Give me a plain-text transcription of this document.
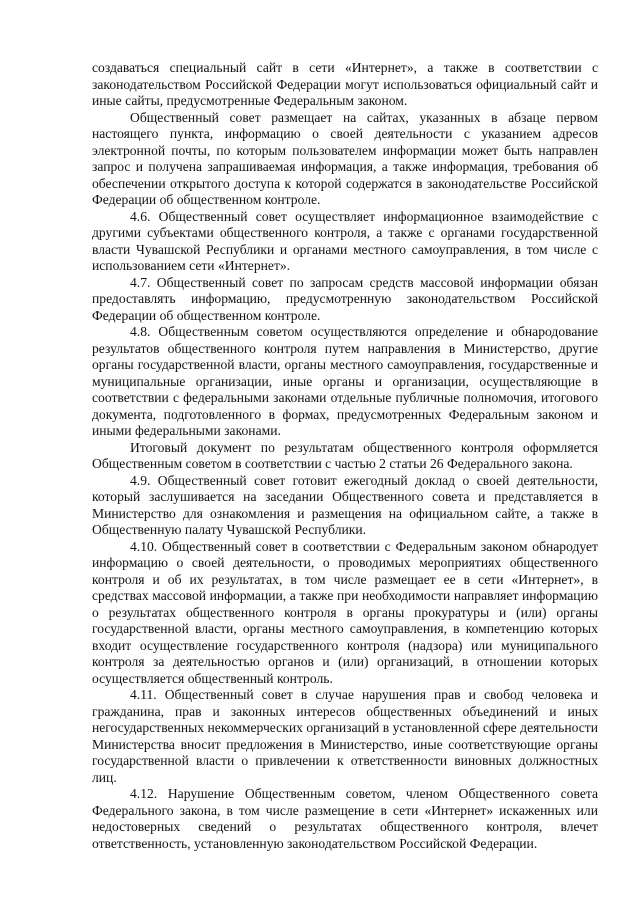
создаваться специальный сайт в сети «Интернет», а также в соответствии с законодательством Российской Федерации могут использоваться официальный сайт и иные сайты, предусмотренные Федеральным законом.

Общественный совет размещает на сайтах, указанных в абзаце первом настоящего пункта, информацию о своей деятельности с указанием адресов электронной почты, по которым пользователем информации может быть направлен запрос и получена запрашиваемая информация, а также информация, требования об обеспечении открытого доступа к которой содержатся в законодательстве Российской Федерации об общественном контроле.

4.6. Общественный совет осуществляет информационное взаимодействие с другими субъектами общественного контроля, а также с органами государственной власти Чувашской Республики и органами местного самоуправления, в том числе с использованием сети «Интернет».

4.7. Общественный совет по запросам средств массовой информации обязан предоставлять информацию, предусмотренную законодательством Российской Федерации об общественном контроле.

4.8. Общественным советом осуществляются определение и обнародование результатов общественного контроля путем направления в Министерство, другие органы государственной власти, органы местного самоуправления, государственные и муниципальные организации, иные органы и организации, осуществляющие в соответствии с федеральными законами отдельные публичные полномочия, итогового документа, подготовленного в формах, предусмотренных Федеральным законом и иными федеральными законами.

Итоговый документ по результатам общественного контроля оформляется Общественным советом в соответствии с частью 2 статьи 26 Федерального закона.

4.9. Общественный совет готовит ежегодный доклад о своей деятельности, который заслушивается на заседании Общественного совета и представляется в Министерство для ознакомления и размещения на официальном сайте, а также в Общественную палату Чувашской Республики.

4.10. Общественный совет в соответствии с Федеральным законом обнародует информацию о своей деятельности, о проводимых мероприятиях общественного контроля и об их результатах, в том числе размещает ее в сети «Интернет», в средствах массовой информации, а также при необходимости направляет информацию о результатах общественного контроля в органы прокуратуры и (или) органы государственной власти, органы местного самоуправления, в компетенцию которых входит осуществление государственного контроля (надзора) или муниципального контроля за деятельностью органов и (или) организаций, в отношении которых осуществляется общественный контроль.

4.11. Общественный совет в случае нарушения прав и свобод человека и гражданина, прав и законных интересов общественных объединений и иных негосударственных некоммерческих организаций в установленной сфере деятельности Министерства вносит предложения в Министерство, иные соответствующие органы государственной власти о привлечении к ответственности виновных должностных лиц.

4.12. Нарушение Общественным советом, членом Общественного совета Федерального закона, в том числе размещение в сети «Интернет» искаженных или недостоверных сведений о результатах общественного контроля, влечет ответственность, установленную законодательством Российской Федерации.
